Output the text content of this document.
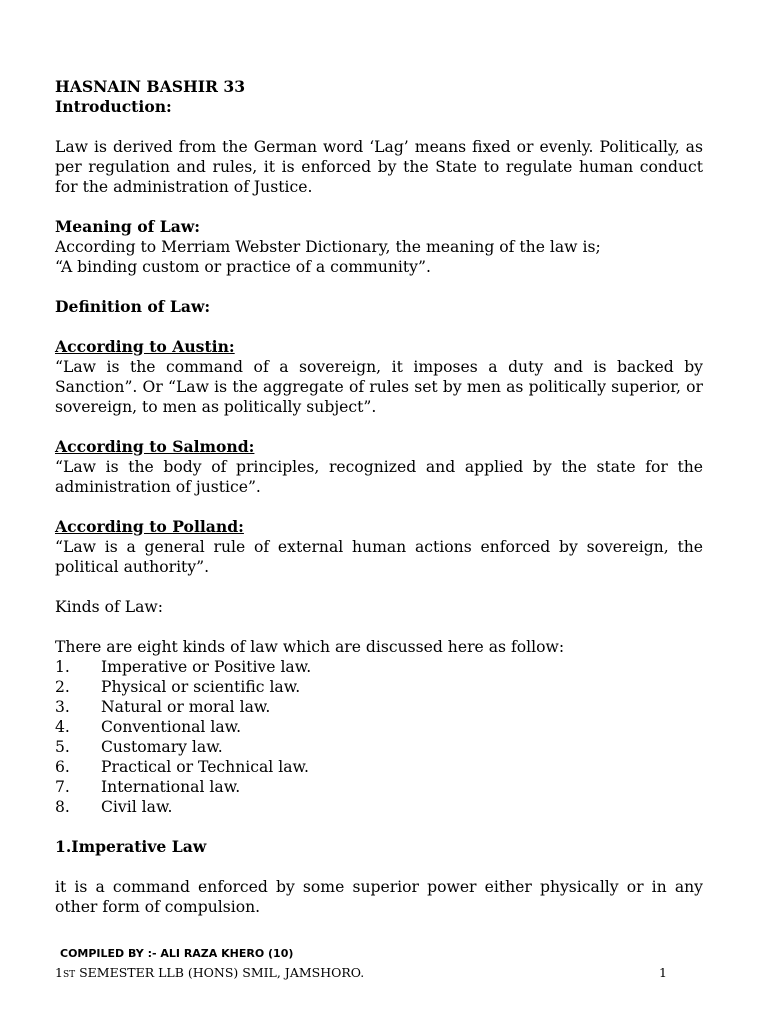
HASNAIN BASHIR 33

Introduction:

Law is derived from the German word ‘Lag’ means fixed or evenly. Politically, as per regulation and rules, it is enforced by the State to regulate human conduct for the administration of Justice.

Meaning of Law:

According to Merriam Webster Dictionary, the meaning of the law is;

“A binding custom or practice of a community”.

Definition of Law:

According to Austin:

“Law is the command of a sovereign, it imposes a duty and is backed by Sanction”. Or “Law is the aggregate of rules set by men as politically superior, or sovereign, to men as politically subject”.

According to Salmond:

“Law is the body of principles, recognized and applied by the state for the administration of justice”.

According to Polland:

“Law is a general rule of external human actions enforced by sovereign, the political authority”.

Kinds of Law:

There are eight kinds of law which are discussed here as follow:

1.	Imperative or Positive law.
2.	Physical or scientific law.
3.	Natural or moral law.
4.	Conventional law.
5.	Customary law.
6.	Practical or Technical law.
7.	International law.
8.	Civil law.

1.Imperative Law

it is a command enforced by some superior power either physically or in any other form of compulsion.

COMPILED BY :- ALI RAZA KHERO (10)
1ST SEMESTER LLB (HONS) SMIL, JAMSHORO.	1
